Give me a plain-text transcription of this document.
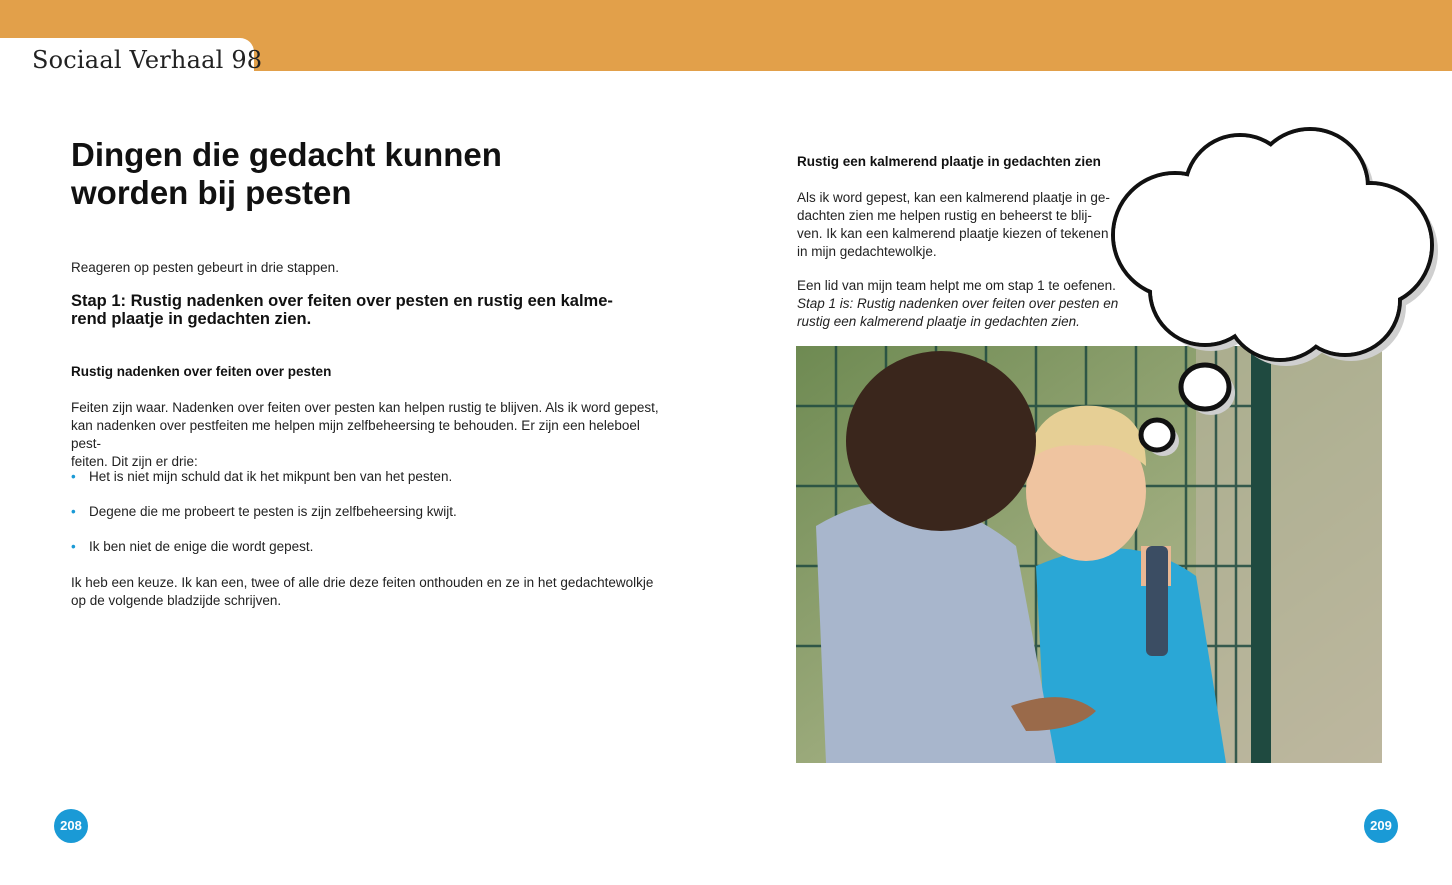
Sociaal Verhaal 98
Dingen die gedacht kunnen
worden bij pesten

Reageren op pesten gebeurt in drie stappen.

Stap 1: Rustig nadenken over feiten over pesten en rustig een kalme-
rend plaatje in gedachten zien.

Rustig nadenken over feiten over pesten

Feiten zijn waar. Nadenken over feiten over pesten kan helpen rustig te blijven. Als ik word gepest,
kan nadenken over pestfeiten me helpen mijn zelfbeheersing te behouden. Er zijn een heleboel pest-
feiten. Dit zijn er drie:

• Het is niet mijn schuld dat ik het mikpunt ben van het pesten.
• Degene die me probeert te pesten is zijn zelfbeheersing kwijt.
• Ik ben niet de enige die wordt gepest.

Ik heb een keuze. Ik kan een, twee of alle drie deze feiten onthouden en ze in het gedachtewolkje
op de volgende bladzijde schrijven.

208

Rustig een kalmerend plaatje in gedachten zien

Als ik word gepest, kan een kalmerend plaatje in ge-
dachten zien me helpen rustig en beheerst te blij-
ven. Ik kan een kalmerend plaatje kiezen of tekenen
in mijn gedachtewolkje.

Een lid van mijn team helpt me om stap 1 te oefenen.
Stap 1 is: Rustig nadenken over feiten over pesten en
rustig een kalmerend plaatje in gedachten zien.

209
